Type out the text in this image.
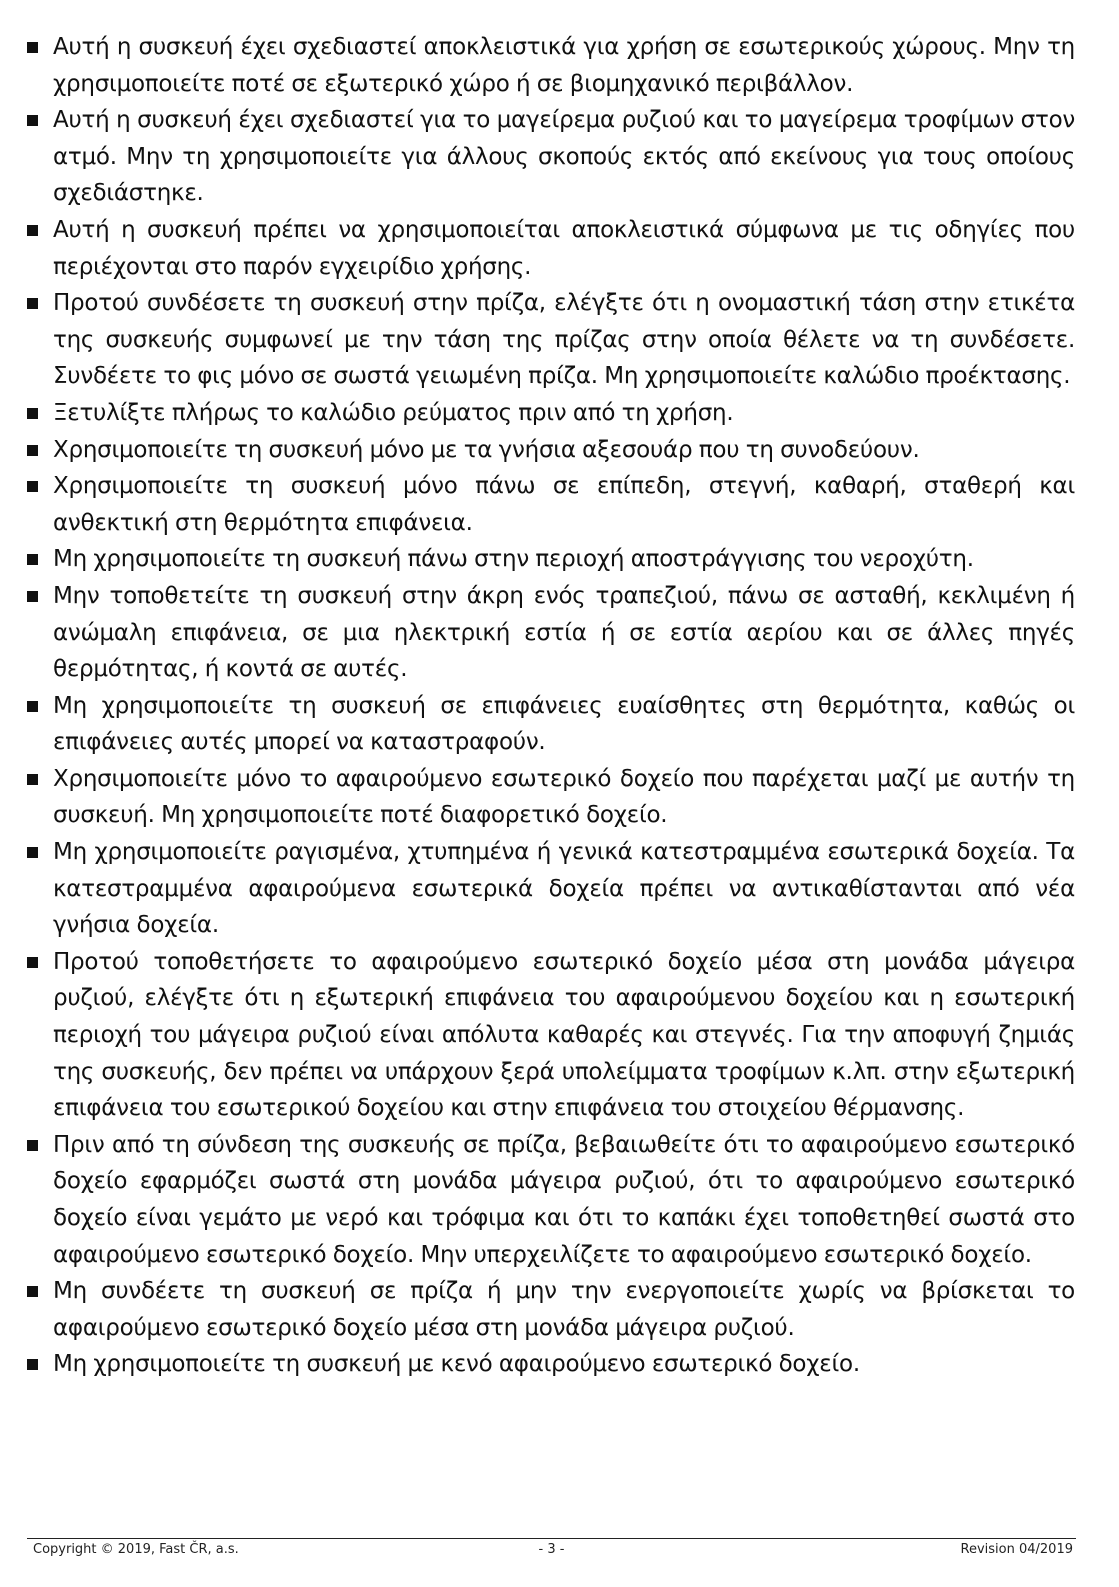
Αυτή η συσκευή έχει σχεδιαστεί αποκλειστικά για χρήση σε εσωτερικούς χώρους. Μην τη χρησιμοποιείτε ποτέ σε εξωτερικό χώρο ή σε βιομηχανικό περιβάλλον.
Αυτή η συσκευή έχει σχεδιαστεί για το μαγείρεμα ρυζιού και το μαγείρεμα τροφίμων στον ατμό. Μην τη χρησιμοποιείτε για άλλους σκοπούς εκτός από εκείνους για τους οποίους σχεδιάστηκε.
Αυτή η συσκευή πρέπει να χρησιμοποιείται αποκλειστικά σύμφωνα με τις οδηγίες που περιέχονται στο παρόν εγχειρίδιο χρήσης.
Προτού συνδέσετε τη συσκευή στην πρίζα, ελέγξτε ότι η ονομαστική τάση στην ετικέτα της συσκευής συμφωνεί με την τάση της πρίζας στην οποία θέλετε να τη συνδέσετε. Συνδέετε το φις μόνο σε σωστά γειωμένη πρίζα. Μη χρησιμοποιείτε καλώδιο προέκτασης.
Ξετυλίξτε πλήρως το καλώδιο ρεύματος πριν από τη χρήση.
Χρησιμοποιείτε τη συσκευή μόνο με τα γνήσια αξεσουάρ που τη συνοδεύουν.
Χρησιμοποιείτε τη συσκευή μόνο πάνω σε επίπεδη, στεγνή, καθαρή, σταθερή και ανθεκτική στη θερμότητα επιφάνεια.
Μη χρησιμοποιείτε τη συσκευή πάνω στην περιοχή αποστράγγισης του νεροχύτη.
Μην τοποθετείτε τη συσκευή στην άκρη ενός τραπεζιού, πάνω σε ασταθή, κεκλιμένη ή ανώμαλη επιφάνεια, σε μια ηλεκτρική εστία ή σε εστία αερίου και σε άλλες πηγές θερμότητας, ή κοντά σε αυτές.
Μη χρησιμοποιείτε τη συσκευή σε επιφάνειες ευαίσθητες στη θερμότητα, καθώς οι επιφάνειες αυτές μπορεί να καταστραφούν.
Χρησιμοποιείτε μόνο το αφαιρούμενο εσωτερικό δοχείο που παρέχεται μαζί με αυτήν τη συσκευή. Μη χρησιμοποιείτε ποτέ διαφορετικό δοχείο.
Μη χρησιμοποιείτε ραγισμένα, χτυπημένα ή γενικά κατεστραμμένα εσωτερικά δοχεία. Τα κατεστραμμένα αφαιρούμενα εσωτερικά δοχεία πρέπει να αντικαθίστανται από νέα γνήσια δοχεία.
Προτού τοποθετήσετε το αφαιρούμενο εσωτερικό δοχείο μέσα στη μονάδα μάγειρα ρυζιού, ελέγξτε ότι η εξωτερική επιφάνεια του αφαιρούμενου δοχείου και η εσωτερική περιοχή του μάγειρα ρυζιού είναι απόλυτα καθαρές και στεγνές. Για την αποφυγή ζημιάς της συσκευής, δεν πρέπει να υπάρχουν ξερά υπολείμματα τροφίμων κ.λπ. στην εξωτερική επιφάνεια του εσωτερικού δοχείου και στην επιφάνεια του στοιχείου θέρμανσης.
Πριν από τη σύνδεση της συσκευής σε πρίζα, βεβαιωθείτε ότι το αφαιρούμενο εσωτερικό δοχείο εφαρμόζει σωστά στη μονάδα μάγειρα ρυζιού, ότι το αφαιρούμενο εσωτερικό δοχείο είναι γεμάτο με νερό και τρόφιμα και ότι το καπάκι έχει τοποθετηθεί σωστά στο αφαιρούμενο εσωτερικό δοχείο. Μην υπερχειλίζετε το αφαιρούμενο εσωτερικό δοχείο.
Μη συνδέετε τη συσκευή σε πρίζα ή μην την ενεργοποιείτε χωρίς να βρίσκεται το αφαιρούμενο εσωτερικό δοχείο μέσα στη μονάδα μάγειρα ρυζιού.
Μη χρησιμοποιείτε τη συσκευή με κενό αφαιρούμενο εσωτερικό δοχείο.
Copyright © 2019, Fast ČR, a.s.	- 3 -	Revision 04/2019
